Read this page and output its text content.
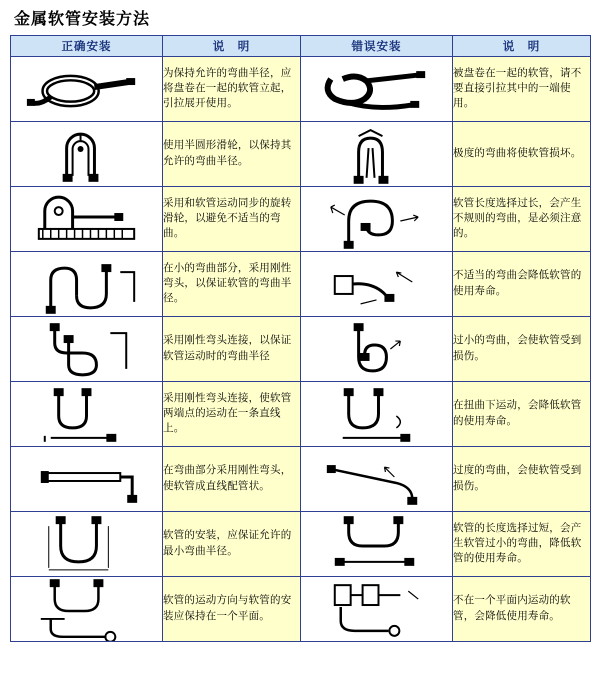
金属软管安装方法
正确安装	说　明	错误安装	说　明

	为保持允许的弯曲半径，应将盘卷在一起的软管立起，引拉展开使用。		被盘卷在一起的软管，请不要直接引拉其中的一端使用。

	使用半圆形滑轮，以保持其允许的弯曲半径。		极度的弯曲将使软管损坏。

	采用和软管运动同步的旋转滑轮，以避免不适当的弯曲。		软管长度选择过长，会产生不规则的弯曲，是必须注意的。

	在小的弯曲部分，采用刚性弯头，以保证软管的弯曲半径。		不适当的弯曲会降低软管的使用寿命。

	采用刚性弯头连接，以保证软管运动时的弯曲半径		过小的弯曲，会使软管受到损伤。

	采用刚性弯头连接，使软管两端点的运动在一条直线上。		在扭曲下运动，会降低软管的使用寿命。

	在弯曲部分采用刚性弯头，使软管成直线配管状。		过度的弯曲，会使软管受到损伤。

	软管的安装，应保证允许的最小弯曲半径。		软管的长度选择过短，会产生软管过小的弯曲，降低软管的使用寿命。

	软管的运动方向与软管的安装应保持在一个平面。		不在一个平面内运动的软管，会降低使用寿命。
